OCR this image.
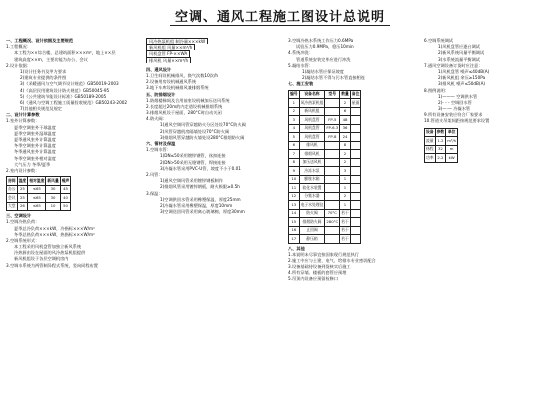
空调、通风工程施工图设计总说明
一、工程概况、设计依据及主要规范
1.工程概况：
本工程为××综合楼，总建筑面积×××m²，地上××层
建筑高度××m，主要功能为办公、会议
2.设计依据：
1)设计任务书及甲方要求
2)建筑专业提供的条件图
3)《采暖通风与空气调节设计规范》GB50019-2003
4)《高层民用建筑设计防火规范》GB50045-95
5)《公共建筑节能设计标准》GB50189-2005
6)《通风与空调工程施工质量验收规范》GB50243-2002
7)其他相关规范及规定
二、设计计算参数
1.室外计算参数：
夏季空调室外干球温度
夏季空调室外湿球温度
夏季通风室外计算温度
冬季空调室外计算温度
冬季通风室外计算温度
冬季空调室外相对湿度
大气压力 冬季/夏季
2.室内设计参数：
房间	温度	相对湿度	新风量	噪声
办公	25	≤65	30	45
会议	25	≤65	30	40
大堂	26	≤65	10	50
三、空调设计
1.空调冷热负荷：
夏季总冷负荷×××kW，冷指标×××W/m²
冬季总热负荷×××kW，热指标×××W/m²
2.空调系统形式：
本工程采用风机盘管加独立新风系统
冷热源由设在屋面的风冷热泵机组提供
新风机组设于各层空调机房内
3.空调水系统为两管制异程式系统，竖向同程布置
风冷热泵机组 制冷量×××kW
新风机组 风量××m³/h
风机盘管 FP-××WA
排风机 风量××m³/h
四、通风设计
1.卫生间设机械排风，换气次数10次/h
2.设备用房设机械通风系统
3.地下车库设机械排风兼排烟系统
五、防排烟设计
1.防烟楼梯间及合用前室设机械加压送风系统
2.长度超过20m的内走道设机械排烟系统
3.排烟风机设于屋面，280°C时自动关闭
4.防火阀：
1)通风空调风管穿越防火分区处设70°C防火阀
2)风管穿越机房隔墙处设70°C防火阀
3)排烟风管穿越防火墙处设280°C排烟防火阀
六、管材及保温
1.空调水管：
1)DN≤50采用镀锌钢管，丝扣连接
2)DN>50采用无缝钢管，焊接连接
3)冷凝水管采用PVC-U管，坡度不小于0.01
2.风管：
1)通风空调风管采用镀锌钢板制作
2)排烟风管采用镀锌钢板，耐火极限≥0.5h
3.保温：
1)空调供回水管采用橡塑保温，厚度25mm
2)冷凝水管采用橡塑保温，厚度10mm
3)空调送回风管采用离心玻璃棉，厚度30mm
3.空调冷热水系统工作压力0.6MPa
试验压力0.9MPa，稳压10min
4.系统冲洗：
管道系统安装完毕应进行冲洗
5.凝结水管：
1)凝结水管应保证坡度
2)凝结水管不得与污水管直接相连
七、施工安装
编号	设备名称	型号	数量	备注
1	风冷热泵机组		2	屋面
2	新风机组		6	
3	风机盘管	FP-5	48	
4	风机盘管	FP-6.3	36	
5	风机盘管	FP-8	24	
6	排风机		8	
7	排烟风机		2	
8	加压送风机		2	
9	冷冻水泵		3	
10	膨胀水箱		1	
11	软化水装置		1	
12	分集水器		2	
13	电子水处理仪		1	
14	防火阀	70°C	若干	
15	排烟防火阀	280°C	若干	
16	止回阀		若干	
17	静压箱		若干	
八、其他
1.本说明未尽事宜按国家现行规范执行
2.施工中应与土建、电气、给排水专业密切配合
3.设备基础待设备到货核实后施工
4.所有穿墙、楼板的套管应预埋
5.吊顶内设备应预留检修口
6.空调系统调试
1)风机盘管应逐台调试
2)新风系统风量平衡调试
3)水系统流量平衡调试
7.通风空调设备订货时应注意：
1)风机盘管 噪声≤40dB(A)
2)新风机组 余压≥150Pa
3)排风机 噪声≤50dB(A)
8.图例说明：
1)——— 空调供水管
2)- - - 空调回水管
3)—·— 冷凝水管
9.所有设备安装应符合厂家要求
10.管道支吊架间距按规范要求设置
设备	参数	单位
流量	1.2	m³/h
扬程	32	m
功率	2.2	kW
